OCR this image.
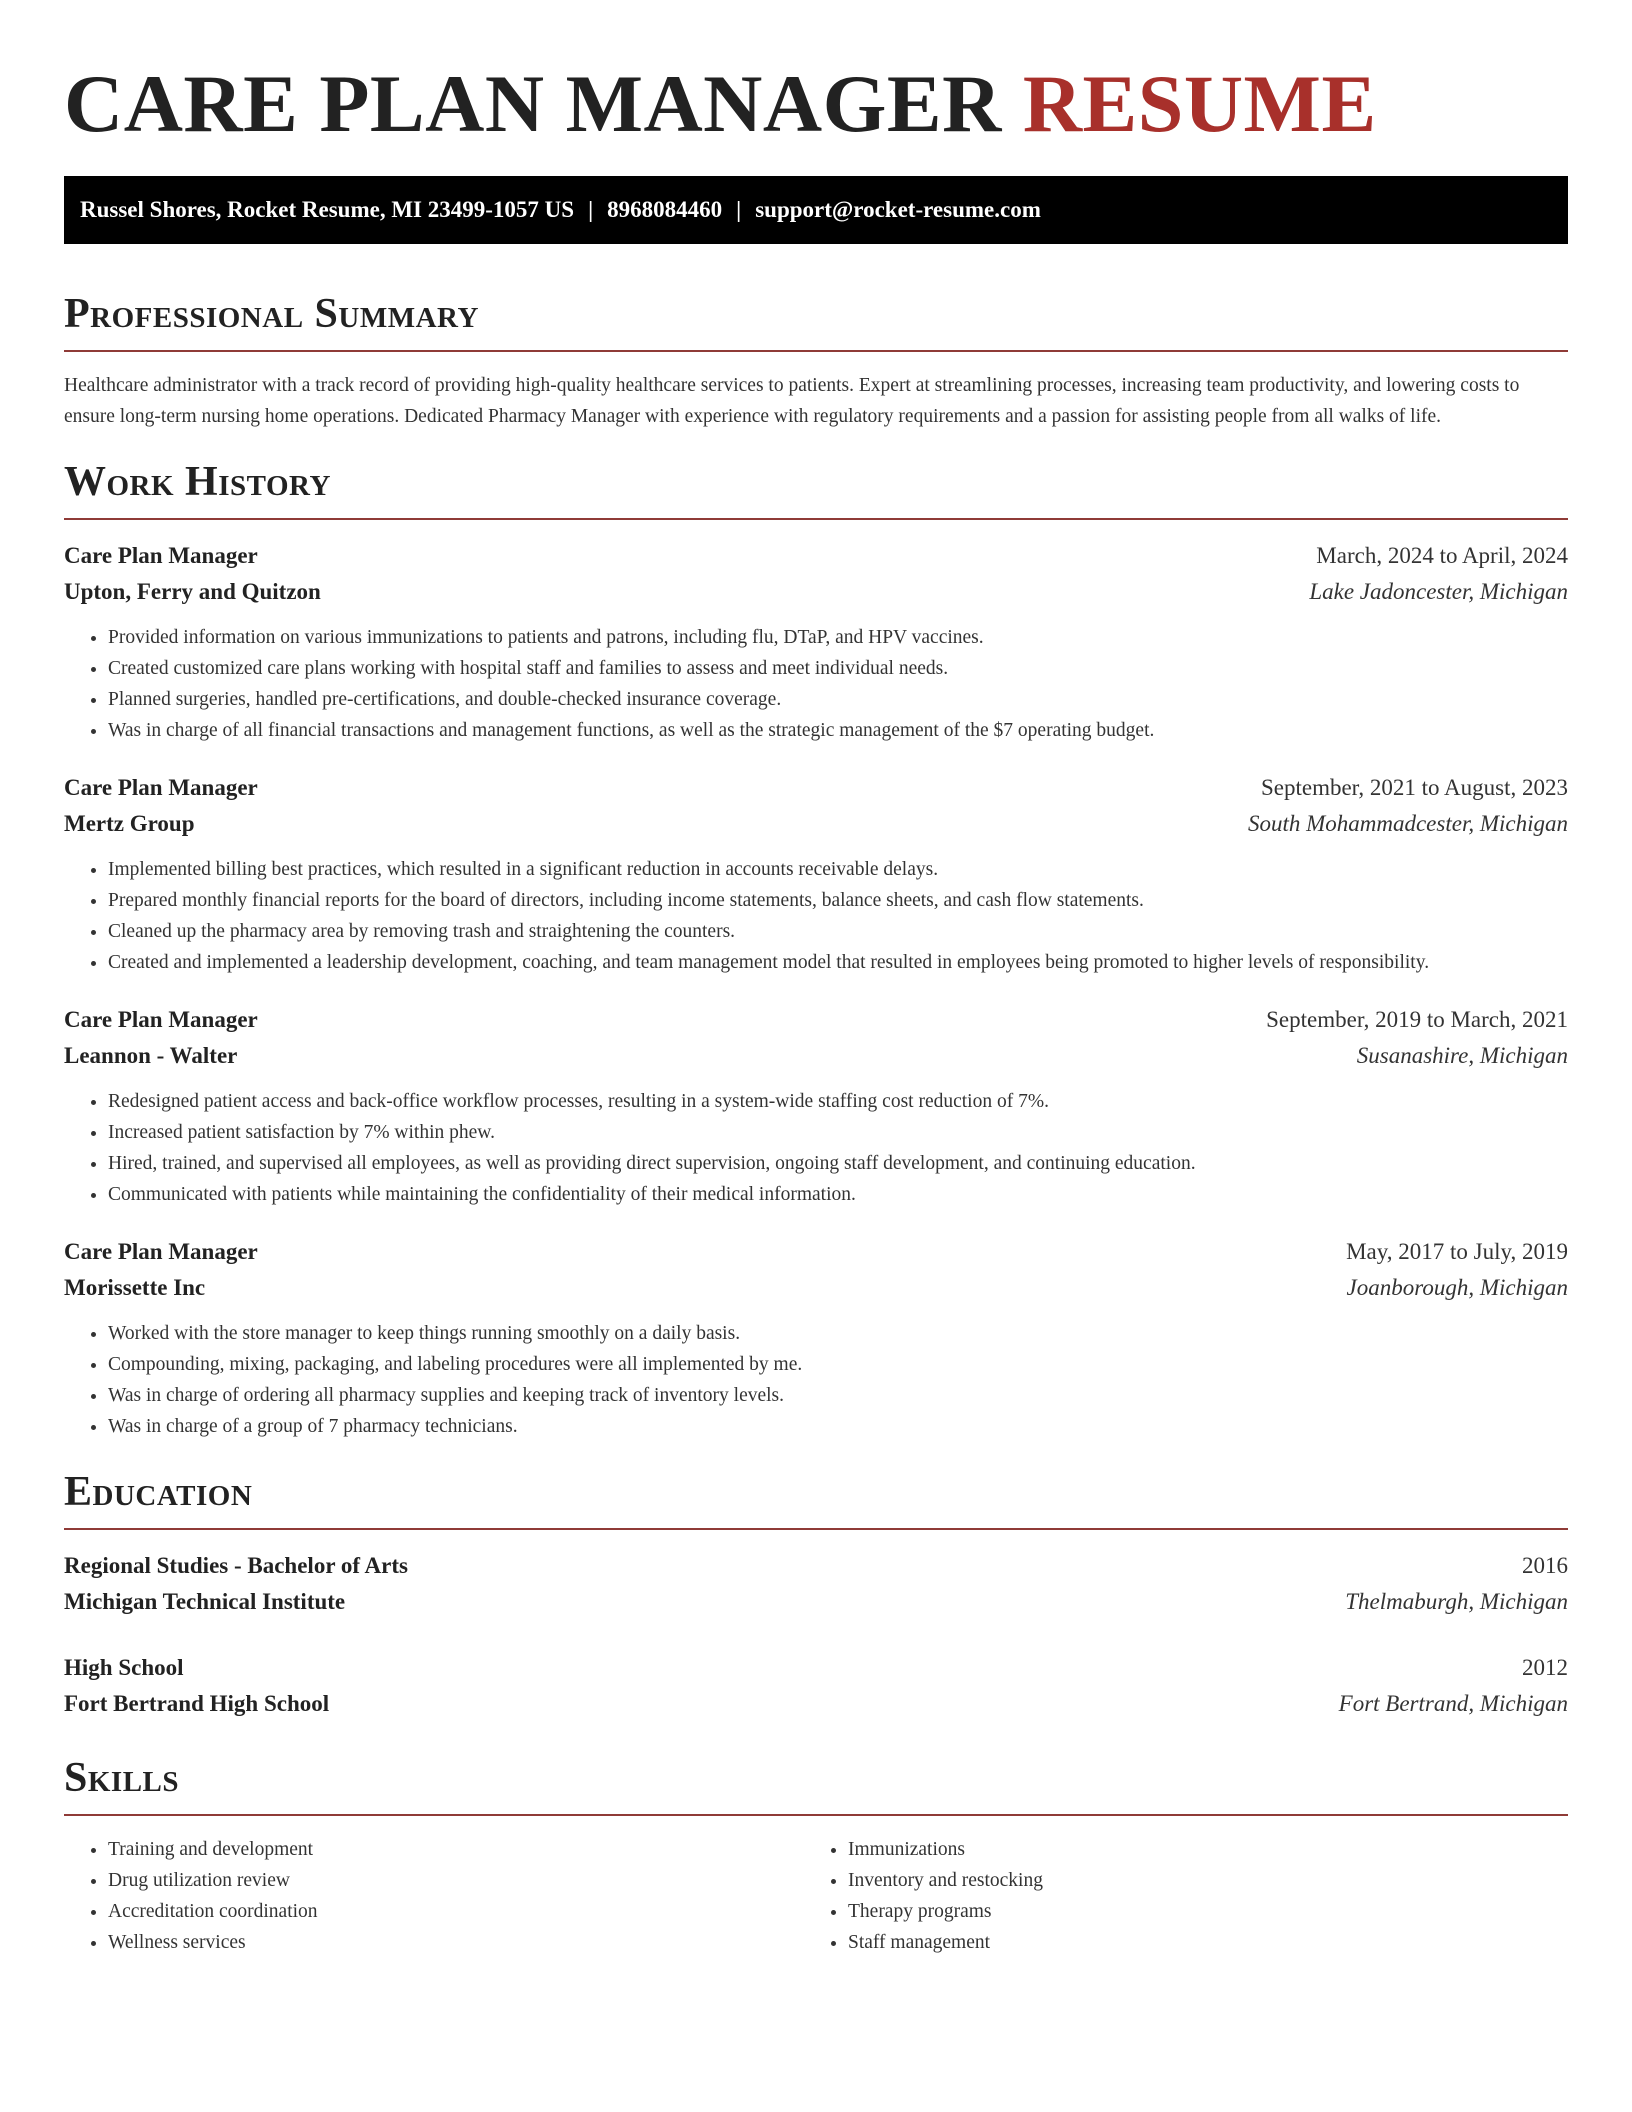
CARE PLAN MANAGER RESUME
Russel Shores, Rocket Resume, MI 23499-1057 US | 8968084460 | support@rocket-resume.com
Professional Summary

Healthcare administrator with a track record of providing high-quality healthcare services to patients. Expert at streamlining processes, increasing team productivity, and lowering costs to ensure long-term nursing home operations. Dedicated Pharmacy Manager with experience with regulatory requirements and a passion for assisting people from all walks of life.

Work History
Care Plan Manager	March, 2024 to April, 2024
Upton, Ferry and Quitzon	Lake Jadoncester, Michigan
• Provided information on various immunizations to patients and patrons, including flu, DTaP, and HPV vaccines.
• Created customized care plans working with hospital staff and families to assess and meet individual needs.
• Planned surgeries, handled pre-certifications, and double-checked insurance coverage.
• Was in charge of all financial transactions and management functions, as well as the strategic management of the $7 operating budget.
Care Plan Manager	September, 2021 to August, 2023
Mertz Group	South Mohammadcester, Michigan
• Implemented billing best practices, which resulted in a significant reduction in accounts receivable delays.
• Prepared monthly financial reports for the board of directors, including income statements, balance sheets, and cash flow statements.
• Cleaned up the pharmacy area by removing trash and straightening the counters.
• Created and implemented a leadership development, coaching, and team management model that resulted in employees being promoted to higher levels of responsibility.
Care Plan Manager	September, 2019 to March, 2021
Leannon - Walter	Susanashire, Michigan
• Redesigned patient access and back-office workflow processes, resulting in a system-wide staffing cost reduction of 7%.
• Increased patient satisfaction by 7% within phew.
• Hired, trained, and supervised all employees, as well as providing direct supervision, ongoing staff development, and continuing education.
• Communicated with patients while maintaining the confidentiality of their medical information.
Care Plan Manager	May, 2017 to July, 2019
Morissette Inc	Joanborough, Michigan
• Worked with the store manager to keep things running smoothly on a daily basis.
• Compounding, mixing, packaging, and labeling procedures were all implemented by me.
• Was in charge of ordering all pharmacy supplies and keeping track of inventory levels.
• Was in charge of a group of 7 pharmacy technicians.
Education
Regional Studies - Bachelor of Arts	2016
Michigan Technical Institute	Thelmaburgh, Michigan
High School	2012
Fort Bertrand High School	Fort Bertrand, Michigan
Skills
• Training and development
• Drug utilization review
• Accreditation coordination
• Wellness services
• Immunizations
• Inventory and restocking
• Therapy programs
• Staff management
